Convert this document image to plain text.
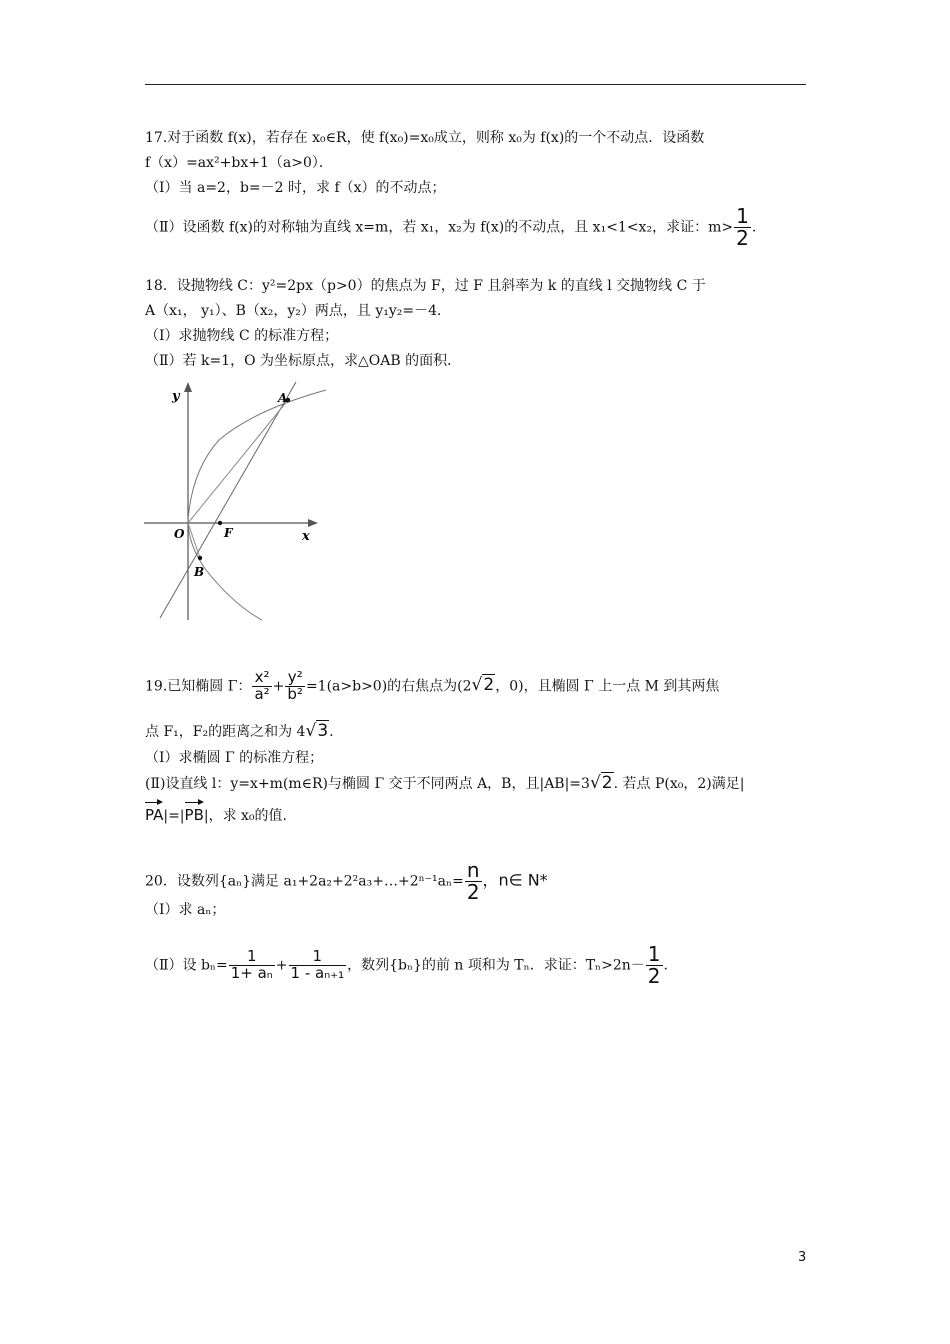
17.对于函数 f(x)，若存在 x₀∈R，使 f(x₀)=x₀成立，则称 x₀为 f(x)的一个不动点．设函数
f（x）=ax²+bx+1（a>0）．
（Ⅰ）当 a=2，b=－2 时，求 f（x）的不动点；
（Ⅱ）设函数 f(x)的对称轴为直线 x=m，若 x₁，x₂为 f(x)的不动点，且 x₁<1<x₂，求证：$m> \frac{1}{2}$ .
18．设抛物线 C：y²=2px（p>0）的焦点为 F，过 F 且斜率为 k 的直线 l 交抛物线 C 于
A（x₁， y₁）、B（x₂，y₂）两点，且 y₁y₂=－4．
（Ⅰ）求抛物线 C 的标准方程；
（Ⅱ）若 k=1，O 为坐标原点，求△OAB 的面积．
y
x
O	F
A
B
19.已知椭圆 Γ： $\frac{\text{x²}}{\text{a²}} + \frac{\text{y²}}{\text{b²}} =1(a>b>0)$的右焦点为(2√2，0)，且椭圆 Γ 上一点 M 到其两焦
点 F₁，F₂的距离之和为 4√3.
（Ⅰ）求椭圆 Γ 的标准方程；
(Ⅱ)设直线 l：y=x+m(m∈R)与椭圆 Γ 交于不同两点 A，B，且|AB|=3√2. 若点 P(x₀，2)满足|
PA|=|PB|，求 x₀的值.
20．设数列{aₙ}满足 a₁+2a₂+2²a₃+…+2ⁿ⁻¹aₙ= $\frac{n}{2}$ ，n∈ N*
（Ⅰ）求 aₙ；
（Ⅱ）设 $b_n= \frac{1}{\text{1+ aₙ}} + \frac{1}{\text{1 - aₙ₊₁}}$ ，数列{bₙ}的前 n 项和为 Tₙ．求证：$T_n>2n- \frac{1}{2}$ .
3
